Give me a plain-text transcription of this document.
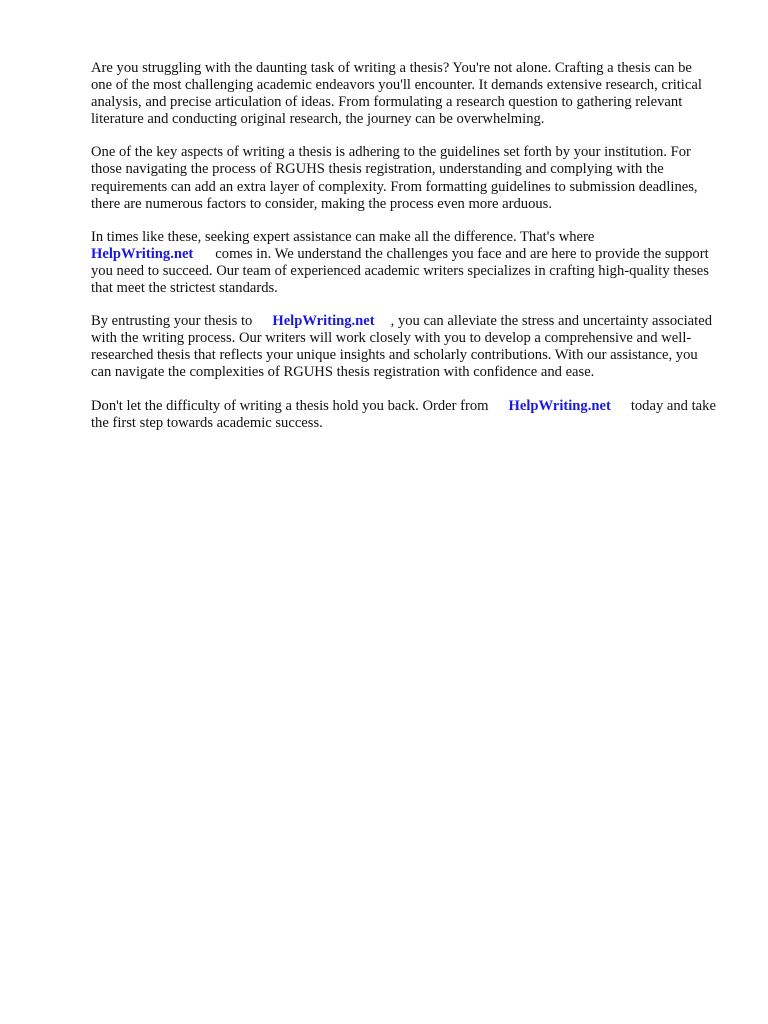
Are you struggling with the daunting task of writing a thesis? You're not alone. Crafting a thesis can be one of the most challenging academic endeavors you'll encounter. It demands extensive research, critical analysis, and precise articulation of ideas. From formulating a research question to gathering relevant literature and conducting original research, the journey can be overwhelming.

One of the key aspects of writing a thesis is adhering to the guidelines set forth by your institution. For those navigating the process of RGUHS thesis registration, understanding and complying with the requirements can add an extra layer of complexity. From formatting guidelines to submission deadlines, there are numerous factors to consider, making the process even more arduous.

In times like these, seeking expert assistance can make all the difference. That's where
HelpWriting.net comes in. We understand the challenges you face and are here to provide the support you need to succeed. Our team of experienced academic writers specializes in crafting high-quality theses that meet the strictest standards.

By entrusting your thesis to HelpWriting.net , you can alleviate the stress and uncertainty associated with the writing process. Our writers will work closely with you to develop a comprehensive and well-researched thesis that reflects your unique insights and scholarly contributions. With our assistance, you can navigate the complexities of RGUHS thesis registration with confidence and ease.

Don't let the difficulty of writing a thesis hold you back. Order from HelpWriting.net today and take the first step towards academic success.
